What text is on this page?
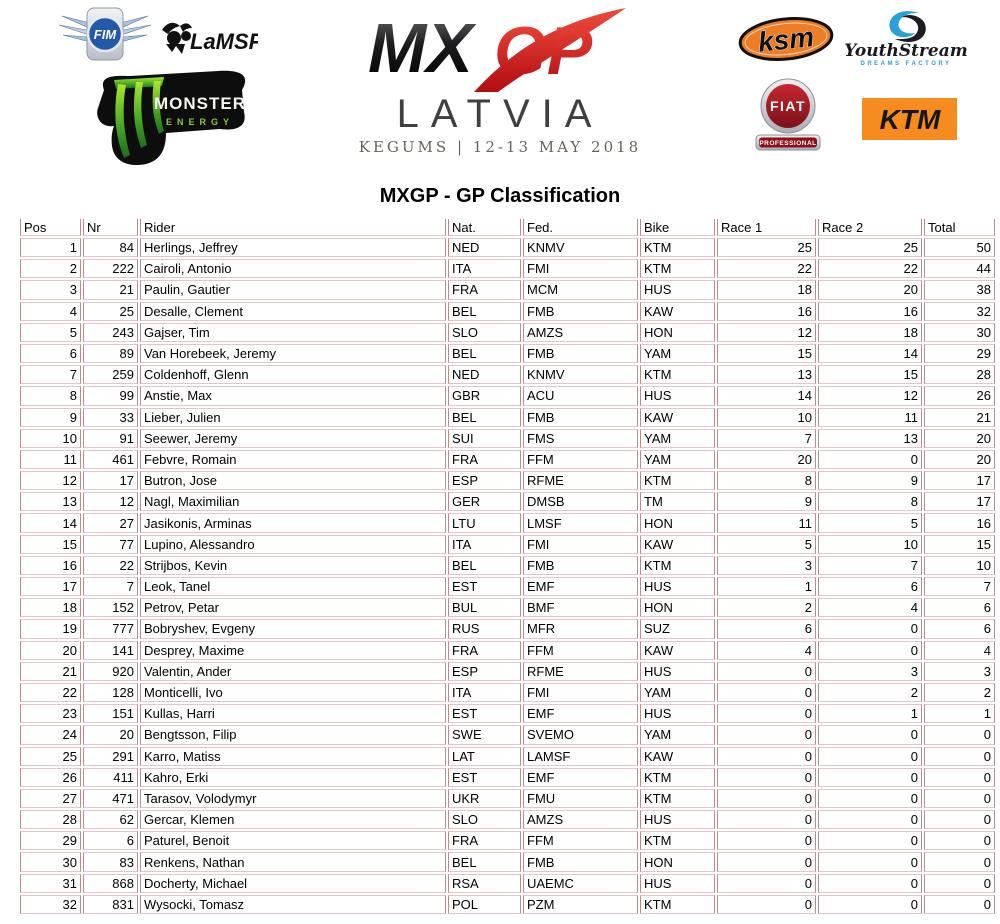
FIM	LaMSF
MONSTER
ENERGY
MX GP
LATVIA
KEGUMS | 12-13 MAY 2018
ksm YouthStream
DREAMS FACTORY
FIAT
PROFESSIONAL
KTM
MXGP - GP Classification
Pos	Nr	Rider	Nat.	Fed.	Bike	Race 1	Race 2	Total
1	84	Herlings, Jeffrey	NED	KNMV	KTM	25	25	50
2	222	Cairoli, Antonio	ITA	FMI	KTM	22	22	44
3	21	Paulin, Gautier	FRA	MCM	HUS	18	20	38
4	25	Desalle, Clement	BEL	FMB	KAW	16	16	32
5	243	Gajser, Tim	SLO	AMZS	HON	12	18	30
6	89	Van Horebeek, Jeremy	BEL	FMB	YAM	15	14	29
7	259	Coldenhoff, Glenn	NED	KNMV	KTM	13	15	28
8	99	Anstie, Max	GBR	ACU	HUS	14	12	26
9	33	Lieber, Julien	BEL	FMB	KAW	10	11	21
10	91	Seewer, Jeremy	SUI	FMS	YAM	7	13	20
11	461	Febvre, Romain	FRA	FFM	YAM	20	0	20
12	17	Butron, Jose	ESP	RFME	KTM	8	9	17
13	12	Nagl, Maximilian	GER	DMSB	TM	9	8	17
14	27	Jasikonis, Arminas	LTU	LMSF	HON	11	5	16
15	77	Lupino, Alessandro	ITA	FMI	KAW	5	10	15
16	22	Strijbos, Kevin	BEL	FMB	KTM	3	7	10
17	7	Leok, Tanel	EST	EMF	HUS	1	6	7
18	152	Petrov, Petar	BUL	BMF	HON	2	4	6
19	777	Bobryshev, Evgeny	RUS	MFR	SUZ	6	0	6
20	141	Desprey, Maxime	FRA	FFM	KAW	4	0	4
21	920	Valentin, Ander	ESP	RFME	HUS	0	3	3
22	128	Monticelli, Ivo	ITA	FMI	YAM	0	2	2
23	151	Kullas, Harri	EST	EMF	HUS	0	1	1
24	20	Bengtsson, Filip	SWE	SVEMO	YAM	0	0	0
25	291	Karro, Matiss	LAT	LAMSF	KAW	0	0	0
26	411	Kahro, Erki	EST	EMF	KTM	0	0	0
27	471	Tarasov, Volodymyr	UKR	FMU	KTM	0	0	0
28	62	Gercar, Klemen	SLO	AMZS	HUS	0	0	0
29	6	Paturel, Benoit	FRA	FFM	KTM	0	0	0
30	83	Renkens, Nathan	BEL	FMB	HON	0	0	0
31	868	Docherty, Michael	RSA	UAEMC	HUS	0	0	0
32	831	Wysocki, Tomasz	POL	PZM	KTM	0	0	0
